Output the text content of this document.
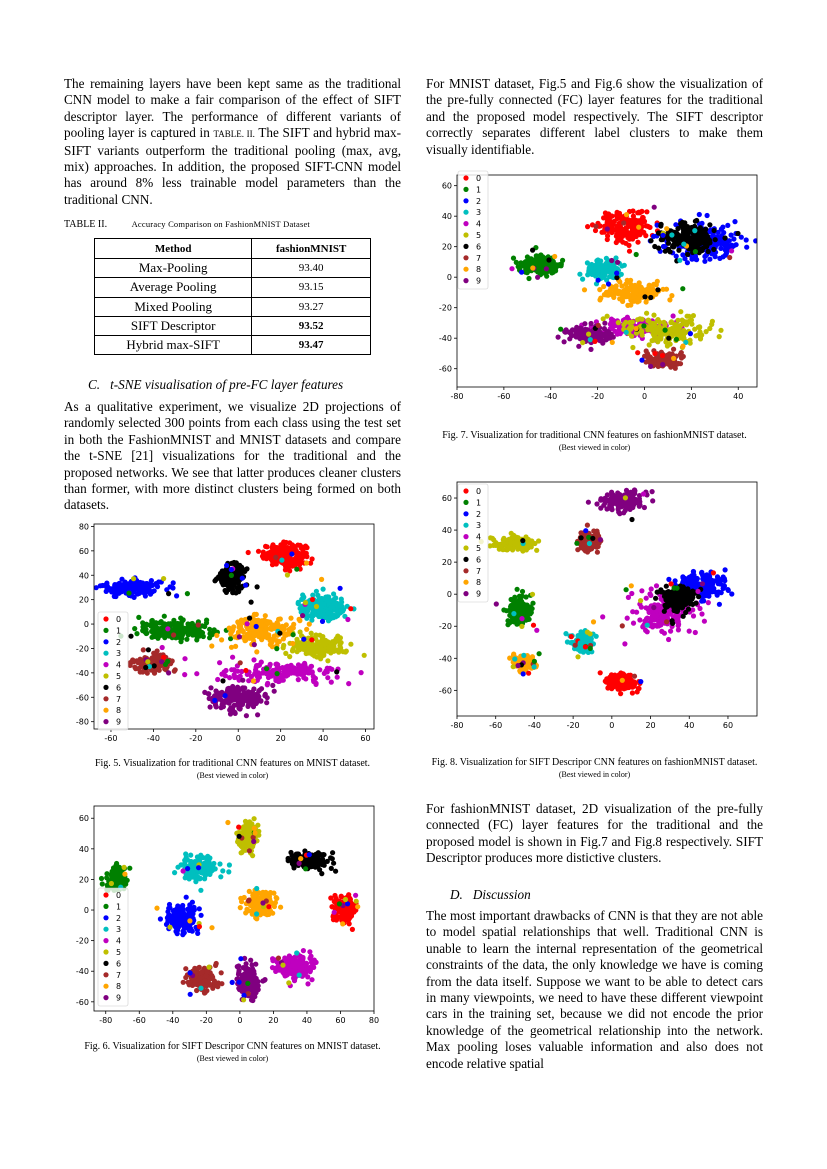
The remaining layers have been kept same as the traditional CNN model to make a fair comparison of the effect of SIFT descriptor layer. The performance of different variants of pooling layer is captured in TABLE. II. The SIFT and hybrid max-SIFT variants outperform the traditional pooling (max, avg, mix) approaches. In addition, the proposed SIFT-CNN model has around 8% less trainable model parameters than the traditional CNN.

TABLE II.	Accuracy Comparison on FashionMNIST Dataset
Method	fashionMNIST
Max-Pooling	93.40
Average Pooling	93.15
Mixed Pooling	93.27
SIFT Descriptor	93.52
Hybrid max-SIFT	93.47
C. t-SNE visualisation of pre-FC layer features

As a qualitative experiment, we visualize 2D projections of randomly selected 300 points from each class using the test set in both the FashionMNIST and MNIST datasets and compare the t-SNE [21] visualizations for the traditional and the proposed networks. We see that latter produces cleaner clusters than former, with more distinct clusters being formed on both datasets.

-60	-40	-20	0	20	40	60
-80
-60
-40
-20
0
20
40
60
80
0
1
2
3
4
5
6
7
8
9
Fig. 5. Visualization for traditional CNN features on MNIST dataset.
(Best viewed in color)
-80	-60	-40	-20	0	20	40	60	80
-60
-40
-20
0
20
40
60
0
1
2
3
4
5
6
7
8
9
Fig. 6. Visualization for SIFT Descripor CNN features on MNIST dataset.
(Best viewed in color)

For MNIST dataset, Fig.5 and Fig.6 show the visualization of the pre-fully connected (FC) layer features for the traditional and the proposed model respectively. The SIFT descriptor correctly separates different label clusters to make them visually identifiable.

-80	-60	-40	-20	0	20	40
-60
-40
-20
0
20
40
60
0
1
2
3
4
5
6
7
8
9
Fig. 7. Visualization for traditional CNN features on fashionMNIST dataset.
(Best viewed in color)
-80	-60	-40	-20	0	20	40	60
-60
-40
-20
0
20
40
60
0
1
2
3
4
5
6
7
8
9
Fig. 8. Visualization for SIFT Descripor CNN features on fashionMNIST dataset.
(Best viewed in color)

For fashionMNIST dataset, 2D visualization of the pre-fully connected (FC) layer features for the traditional and the proposed model is shown in Fig.7 and Fig.8 respectively. SIFT Descriptor produces more distictive clusters.

D. Discussion

The most important drawbacks of CNN is that they are not able to model spatial relationships that well. Traditional CNN is unable to learn the internal representation of the geometrical constraints of the data, the only knowledge we have is coming from the data itself. Suppose we want to be able to detect cars in many viewpoints, we need to have these different viewpoint cars in the training set, because we did not encode the prior knowledge of the geometrical relationship into the network. Max pooling loses valuable information and also does not encode relative spatial
